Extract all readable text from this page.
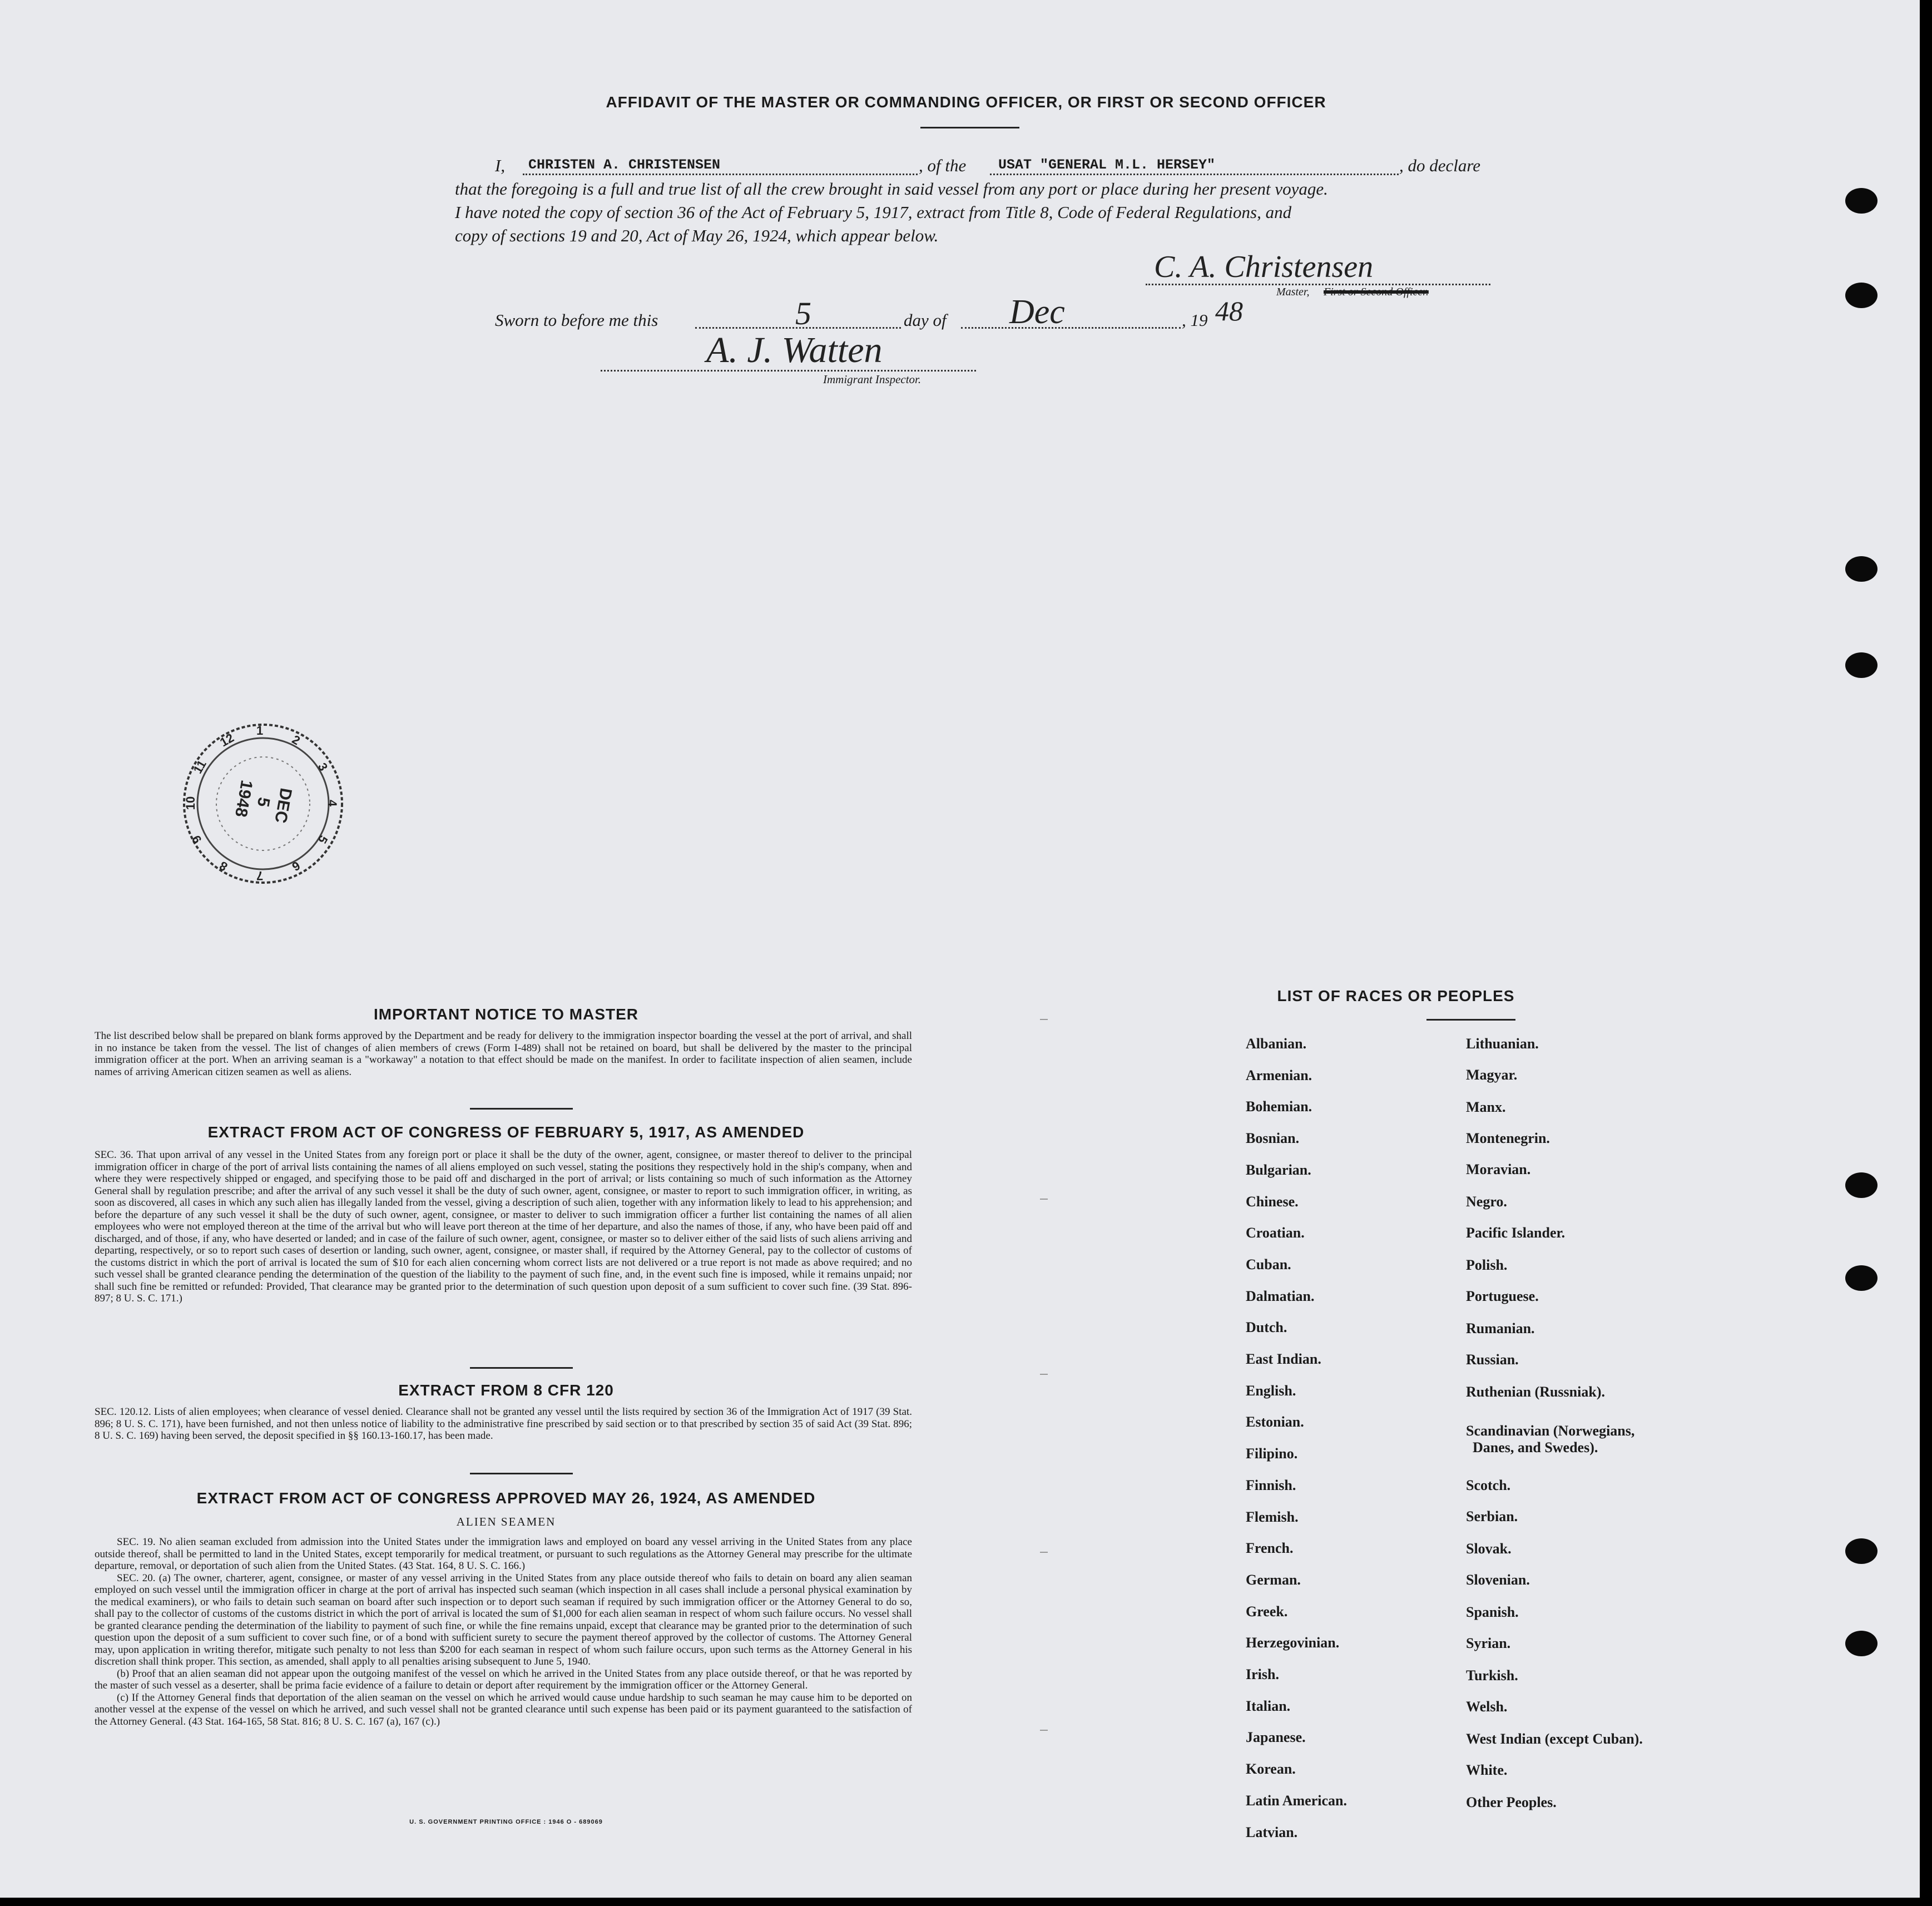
AFFIDAVIT OF THE MASTER OR COMMANDING OFFICER, OR FIRST OR SECOND OFFICER
I, CHRISTEN A. CHRISTENSEN	, of the USAT "GENERAL M.L. HERSEY"	, do declare
that the foregoing is a full and true list of all the crew brought in said vessel from any port or place during her present voyage.
I have noted the copy of section 36 of the Act of February 5, 1917, extract from Title 8, Code of Federal Regulations, and
copy of sections 19 and 20, Act of May 26, 1924, which appear below.
C. A. Christensen
Master, First or Second Officer.
Sworn to before me this	5	day of Dec	, 19 48
A. J. Watten
Immigrant Inspector.
1
2
3
4
5
6
7
8
9
10
11
12
DEC
5
1948
IMPORTANT NOTICE TO MASTER
The list described below shall be prepared on blank forms approved by the Department and be ready for delivery to the immigration inspector boarding the vessel at the port of arrival, and shall in no instance be taken from the vessel. The list of changes of alien members of crews (Form I-489) shall not be retained on board, but shall be delivered by the master to the principal immigration officer at the port. When an arriving seaman is a "workaway" a notation to that effect should be made on the manifest. In order to facilitate inspection of alien seamen, include names of arriving American citizen seamen as well as aliens.
EXTRACT FROM ACT OF CONGRESS OF FEBRUARY 5, 1917, AS AMENDED
SEC. 36. That upon arrival of any vessel in the United States from any foreign port or place it shall be the duty of the owner, agent, consignee, or master thereof to deliver to the principal immigration officer in charge of the port of arrival lists containing the names of all aliens employed on such vessel, stating the positions they respectively hold in the ship's company, when and where they were respectively shipped or engaged, and specifying those to be paid off and discharged in the port of arrival; or lists containing so much of such information as the Attorney General shall by regulation prescribe; and after the arrival of any such vessel it shall be the duty of such owner, agent, consignee, or master to report to such immigration officer, in writing, as soon as discovered, all cases in which any such alien has illegally landed from the vessel, giving a description of such alien, together with any information likely to lead to his apprehension; and before the departure of any such vessel it shall be the duty of such owner, agent, consignee, or master to deliver to such immigration officer a further list containing the names of all alien employees who were not employed thereon at the time of the arrival but who will leave port thereon at the time of her departure, and also the names of those, if any, who have been paid off and discharged, and of those, if any, who have deserted or landed; and in case of the failure of such owner, agent, consignee, or master so to deliver either of the said lists of such aliens arriving and departing, respectively, or so to report such cases of desertion or landing, such owner, agent, consignee, or master shall, if required by the Attorney General, pay to the collector of customs of the customs district in which the port of arrival is located the sum of $10 for each alien concerning whom correct lists are not delivered or a true report is not made as above required; and no such vessel shall be granted clearance pending the determination of the question of the liability to the payment of such fine, and, in the event such fine is imposed, while it remains unpaid; nor shall such fine be remitted or refunded: Provided, That clearance may be granted prior to the determination of such question upon deposit of a sum sufficient to cover such fine. (39 Stat. 896-897; 8 U. S. C. 171.)
EXTRACT FROM 8 CFR 120
SEC. 120.12. Lists of alien employees; when clearance of vessel denied. Clearance shall not be granted any vessel until the lists required by section 36 of the Immigration Act of 1917 (39 Stat. 896; 8 U. S. C. 171), have been furnished, and not then unless notice of liability to the administrative fine prescribed by said section or to that prescribed by section 35 of said Act (39 Stat. 896; 8 U. S. C. 169) having been served, the deposit specified in §§ 160.13-160.17, has been made.
EXTRACT FROM ACT OF CONGRESS APPROVED MAY 26, 1924, AS AMENDED
ALIEN SEAMEN
SEC. 19. No alien seaman excluded from admission into the United States under the immigration laws and employed on board any vessel arriving in the United States from any place outside thereof, shall be permitted to land in the United States, except temporarily for medical treatment, or pursuant to such regulations as the Attorney General may prescribe for the ultimate departure, removal, or deportation of such alien from the United States. (43 Stat. 164, 8 U. S. C. 166.)
SEC. 20. (a) The owner, charterer, agent, consignee, or master of any vessel arriving in the United States from any place outside thereof who fails to detain on board any alien seaman employed on such vessel until the immigration officer in charge at the port of arrival has inspected such seaman (which inspection in all cases shall include a personal physical examination by the medical examiners), or who fails to detain such seaman on board after such inspection or to deport such seaman if required by such immigration officer or the Attorney General to do so, shall pay to the collector of customs of the customs district in which the port of arrival is located the sum of $1,000 for each alien seaman in respect of whom such failure occurs. No vessel shall be granted clearance pending the determination of the liability to payment of such fine, or while the fine remains unpaid, except that clearance may be granted prior to the determination of such question upon the deposit of a sum sufficient to cover such fine, or of a bond with sufficient surety to secure the payment thereof approved by the collector of customs. The Attorney General may, upon application in writing therefor, mitigate such penalty to not less than $200 for each seaman in respect of whom such failure occurs, upon such terms as the Attorney General in his discretion shall think proper. This section, as amended, shall apply to all penalties arising subsequent to June 5, 1940.
(b) Proof that an alien seaman did not appear upon the outgoing manifest of the vessel on which he arrived in the United States from any place outside thereof, or that he was reported by the master of such vessel as a deserter, shall be prima facie evidence of a failure to detain or deport after requirement by the immigration officer or the Attorney General.
(c) If the Attorney General finds that deportation of the alien seaman on the vessel on which he arrived would cause undue hardship to such seaman he may cause him to be deported on another vessel at the expense of the vessel on which he arrived, and such vessel shall not be granted clearance until such expense has been paid or its payment guaranteed to the satisfaction of the Attorney General. (43 Stat. 164-165, 58 Stat. 816; 8 U. S. C. 167 (a), 167 (c).)
U. S. GOVERNMENT PRINTING OFFICE : 1946 O - 689069
LIST OF RACES OR PEOPLES
Albanian.
Armenian.
Bohemian.
Bosnian.
Bulgarian.
Chinese.
Croatian.
Cuban.
Dalmatian.
Dutch.
East Indian.
English.
Estonian.
Filipino.
Finnish.
Flemish.
French.
German.
Greek.
Herzegovinian.
Irish.
Italian.
Japanese.
Korean.
Latin American.
Latvian.
Lithuanian.
Magyar.
Manx.
Montenegrin.
Moravian.
Negro.
Pacific Islander.
Polish.
Portuguese.
Rumanian.
Russian.
Ruthenian (Russniak).
Scandinavian (Norwegians,
Danes, and Swedes).
Scotch.
Serbian.
Slovak.
Slovenian.
Spanish.
Syrian.
Turkish.
Welsh.
West Indian (except Cuban).
White.
Other Peoples.
